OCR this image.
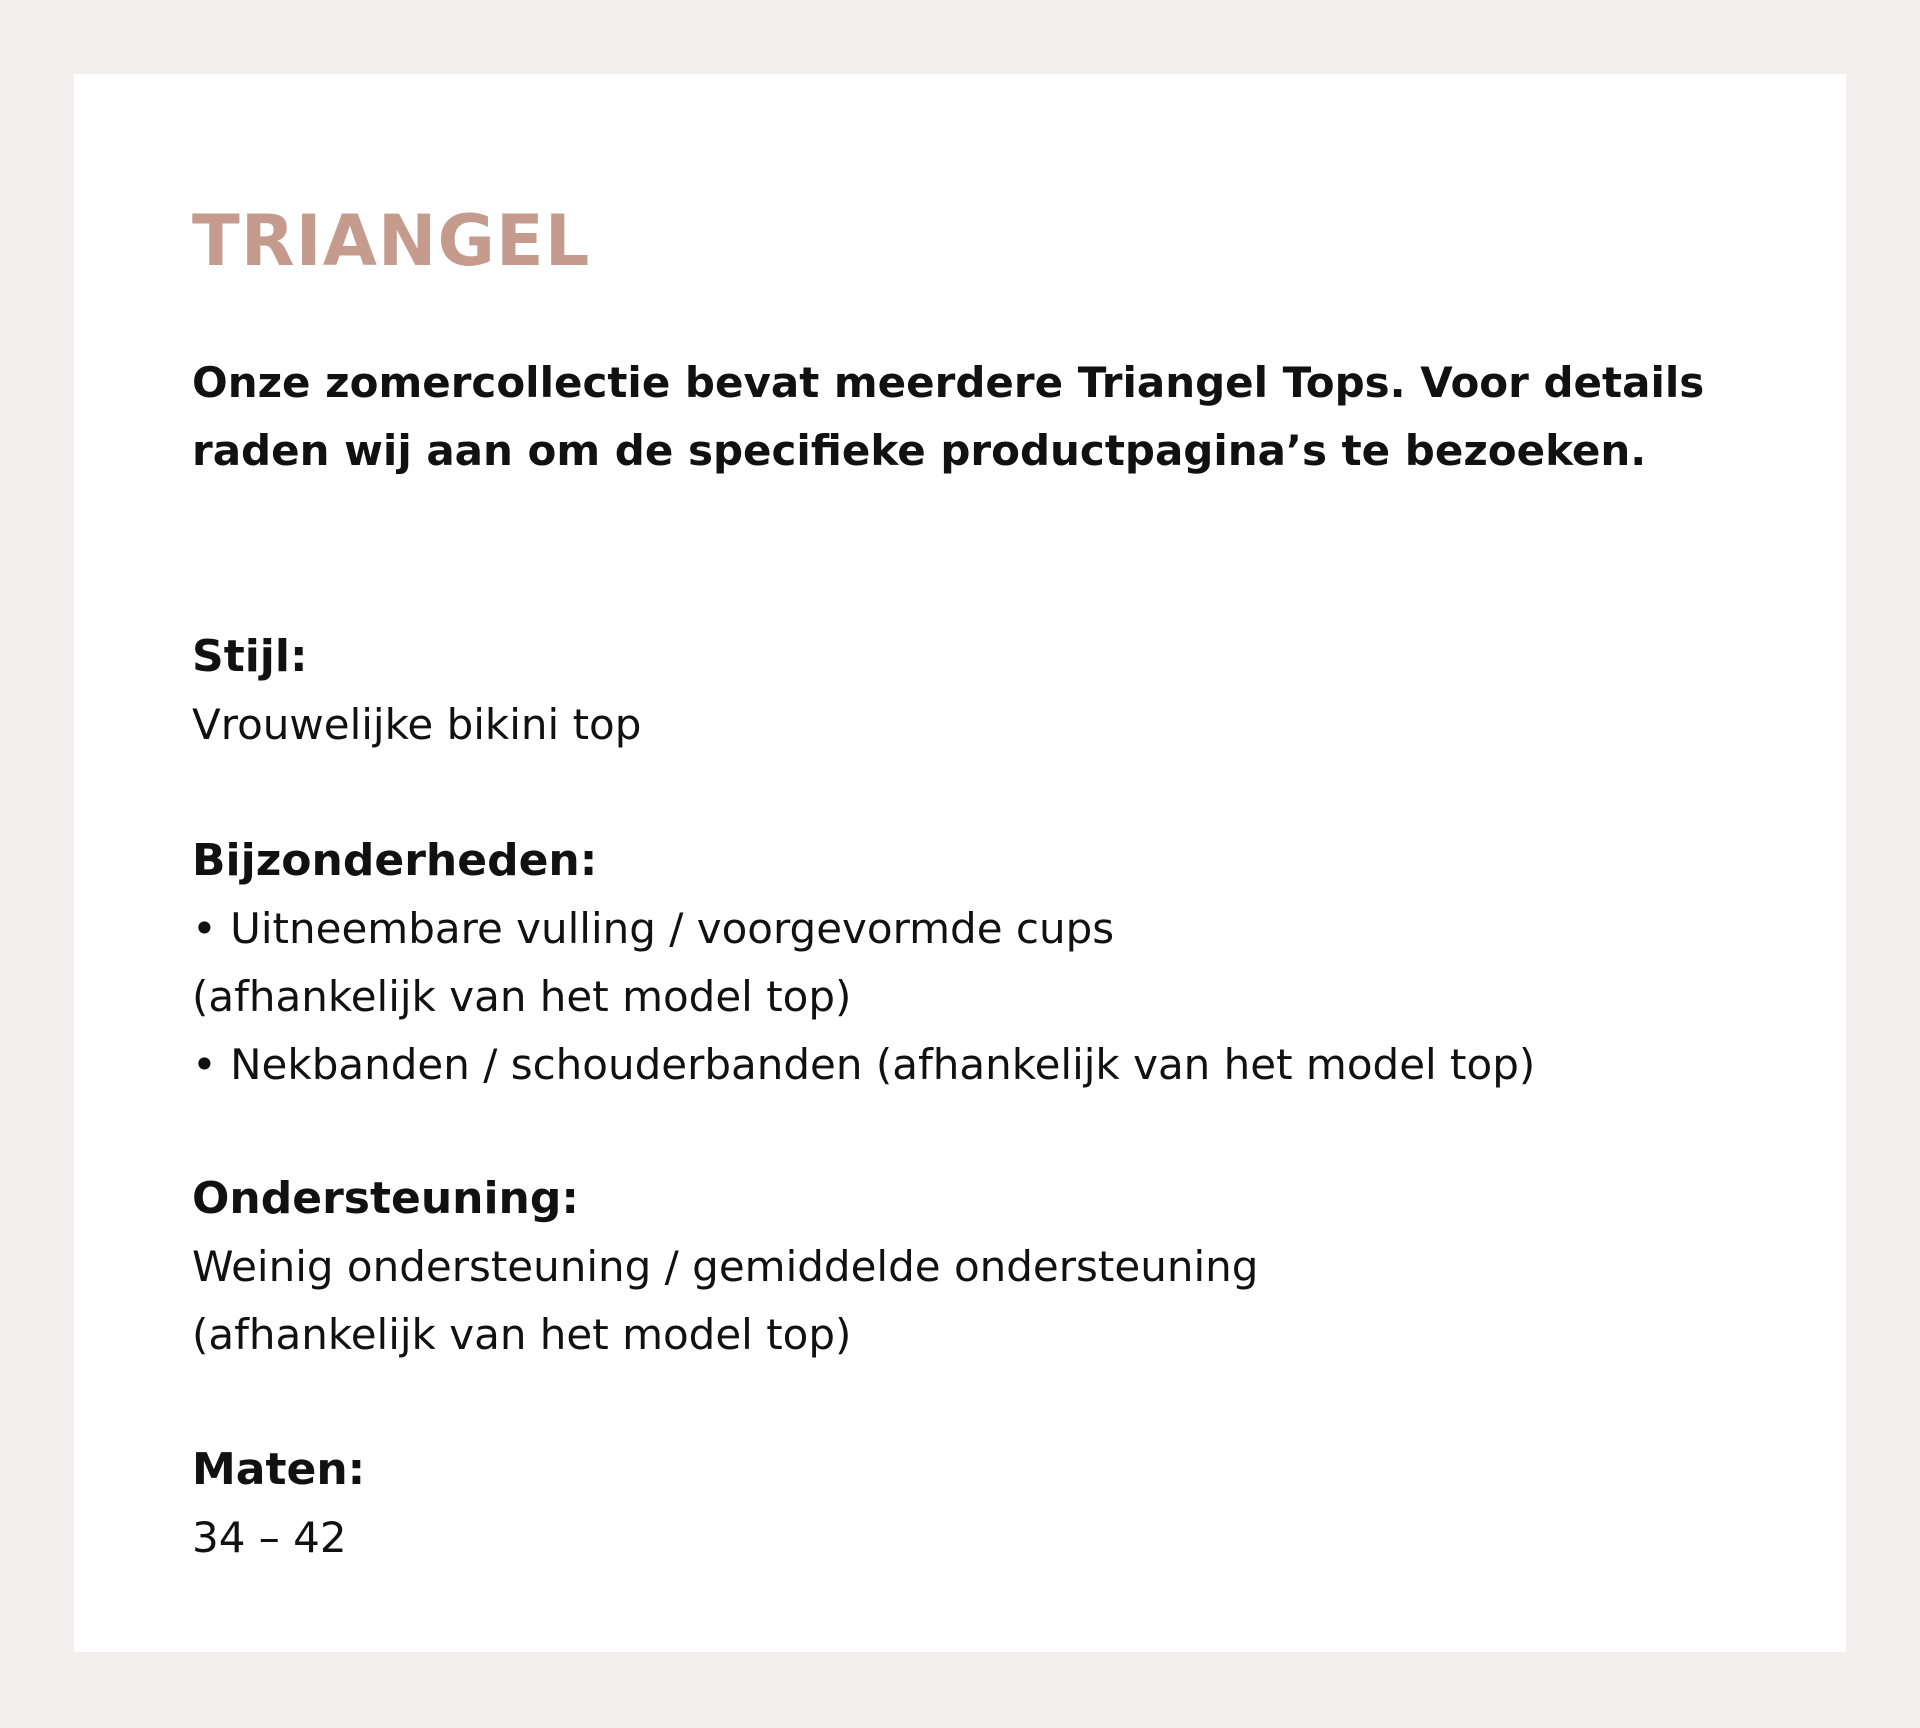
TRIANGEL

Onze zomercollectie bevat meerdere Triangel Tops. Voor details
raden wij aan om de specifieke productpagina’s te bezoeken.

Stijl:

Vrouwelijke bikini top

Bijzonderheden:

• Uitneembare vulling / voorgevormde cups
(afhankelijk van het model top)
• Nekbanden / schouderbanden (afhankelijk van het model top)

Ondersteuning:

Weinig ondersteuning / gemiddelde ondersteuning
(afhankelijk van het model top)

Maten:

34 – 42
